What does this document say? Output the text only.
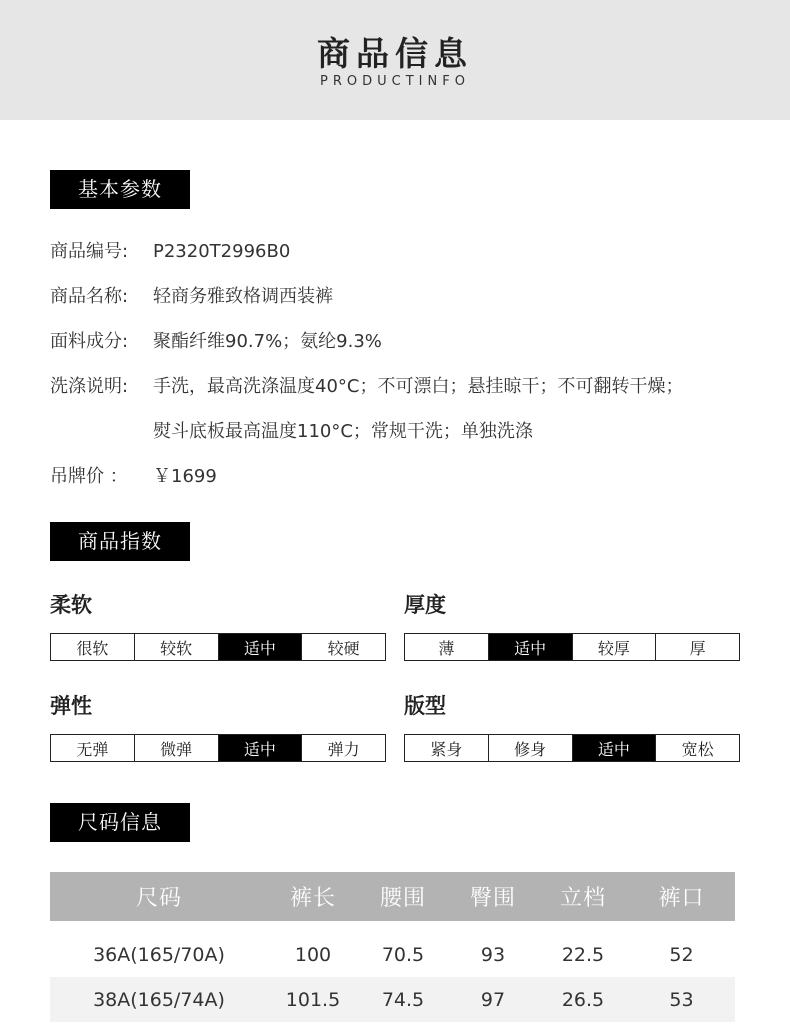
商品信息
PRODUCTINFO
基本参数
商品编号: P2320T2996B0
商品名称: 轻商务雅致格调西装裤
面料成分: 聚酯纤维90.7%；氨纶9.3%
洗涤说明: 手洗，最高洗涤温度40°C；不可漂白；悬挂晾干；不可翻转干燥；
熨斗底板最高温度110°C；常规干洗；单独洗涤
吊牌价 ： ￥1699
商品指数
柔软
很软	较软	适中	较硬
厚度
薄	适中	较厚	厚
弹性
无弹	微弹	适中	弹力
版型
紧身	修身	适中	宽松
尺码信息
尺码	裤长	腰围	臀围	立档	裤口
36A(165/70A)	100	70.5	93	22.5	52
38A(165/74A)	101.5	74.5	97	26.5	53
